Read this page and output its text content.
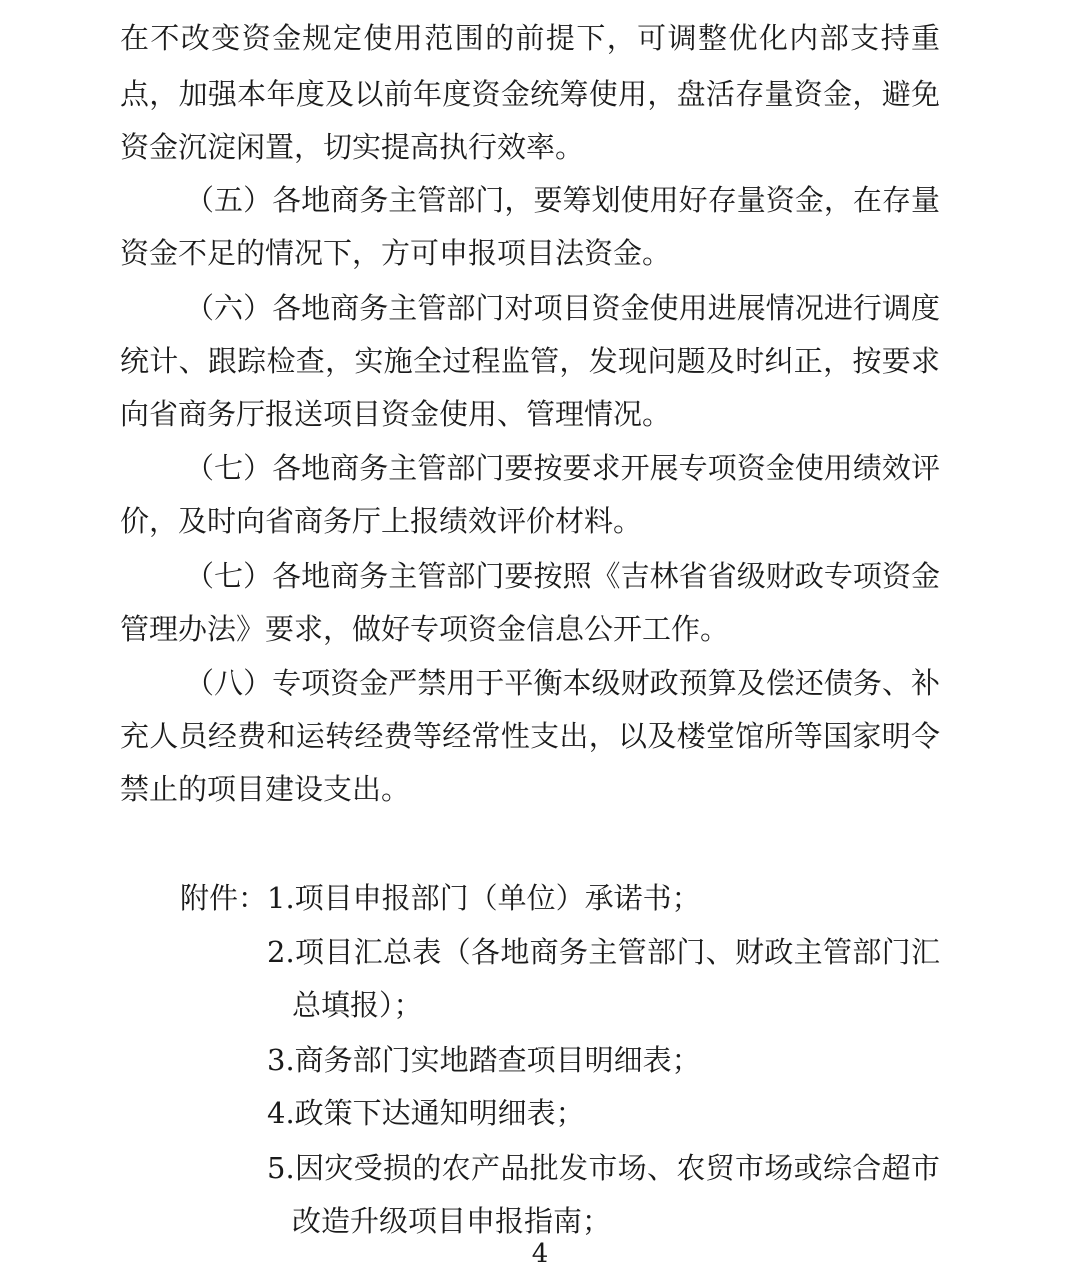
在不改变资金规定使用范围的前提下，可调整优化内部支持重
点，加强本年度及以前年度资金统筹使用，盘活存量资金，避免
资金沉淀闲置，切实提高执行效率。
（五）各地商务主管部门，要筹划使用好存量资金，在存量
资金不足的情况下，方可申报项目法资金。
（六）各地商务主管部门对项目资金使用进展情况进行调度
统计、跟踪检查，实施全过程监管，发现问题及时纠正，按要求
向省商务厅报送项目资金使用、管理情况。
（七）各地商务主管部门要按要求开展专项资金使用绩效评
价，及时向省商务厅上报绩效评价材料。
（七）各地商务主管部门要按照《吉林省省级财政专项资金
管理办法》要求，做好专项资金信息公开工作。
（八）专项资金严禁用于平衡本级财政预算及偿还债务、补
充人员经费和运转经费等经常性支出，以及楼堂馆所等国家明令
禁止的项目建设支出。
附件： 1.项目申报部门（单位）承诺书；
2.项目汇总表（各地商务主管部门、财政主管部门汇
总填报）；
3.商务部门实地踏查项目明细表；
4.政策下达通知明细表；
5.因灾受损的农产品批发市场、农贸市场或综合超市
改造升级项目申报指南；
4
